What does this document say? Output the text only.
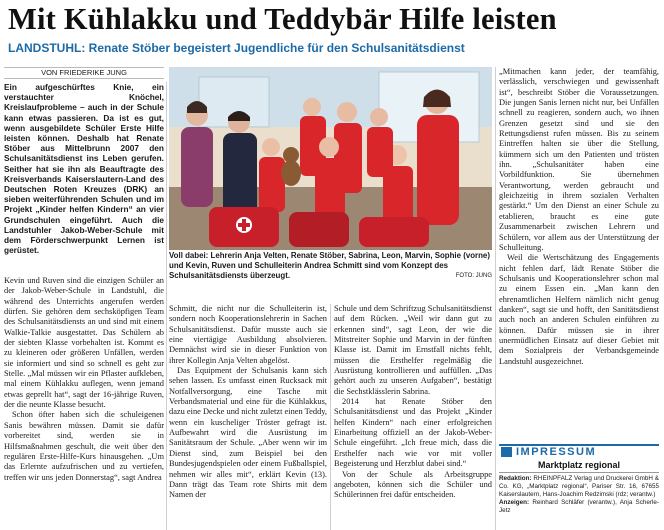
Mit Kühlakku und Teddybär Hilfe leisten
LANDSTUHL: Renate Stöber begeistert Jugendliche für den Schulsanitätsdienst
VON FRIEDERIKE JUNG

Ein aufgeschürftes Knie, ein verstauchter Knöchel, Kreislaufprobleme – auch in der Schule kann etwas passieren. Da ist es gut, wenn ausgebildete Schüler Erste Hilfe leisten können. Deshalb hat Renate Stöber aus Mittelbrunn 2007 den Schulsanitätsdienst ins Leben gerufen. Seither hat sie ihn als Beauftragte des Kreisverbands Kaiserslautern-Land des Deutschen Roten Kreuzes (DRK) an sieben weiterführenden Schulen und im Projekt „Kinder helfen Kindern“ an vier Grundschulen eingeführt. Auch die Landstuhler Jakob-Weber-Schule mit dem Förderschwerpunkt Lernen ist gerüstet.

Kevin und Ruven sind die einzigen Schüler an der Jakob-Weber-Schule in Landstuhl, die während des Unterrichts angerufen werden dürfen. Sie gehören dem sechsköpfigen Team des Schulsanitätsdiensts an und sind mit einem Walkie-Talkie ausgestattet. Das Schülern ab der siebten Klasse vorbehalten ist. Kommt es zu kleineren oder größeren Unfällen, werden sie informiert und sind so schnell es geht zur Stelle. „Mal müssen wir ein Pflaster aufkleben, mal einem Kühlakku auflegen, wenn jemand etwas geprellt hat“, sagt der 16-jährige Ruven, der die neunte Klasse besucht.

Schon öfter haben sich die schuleigenen Sanis bewähren müssen. Damit sie dafür vorbereitet sind, werden sie in Hilfsmaßnahmen geschult, die weit über den regulären Erste-Hilfe-Kurs hinausgehen. „Um das Erlernte aufzufrischen und zu vertiefen, treffen wir uns jeden Donnerstag“, sagt Andrea

Voll dabei: Lehrerin Anja Velten, Renate Stöber, Sabrina, Leon, Marvin, Sophie (vorne) und Kevin, Ruven und Schulleiterin Andrea Schmitt sind vom Konzept des Schulsanitätsdiensts überzeugt.	FOTO: JUNG

Schmitt, die nicht nur die Schulleiterin ist, sondern noch Kooperationslehrerin in Sachen Schulsanitätsdienst. Dafür musste auch sie eine viertägige Ausbildung absolvieren. Demnächst wird sie in dieser Funktion von ihrer Kollegin Anja Velten abgelöst.

Das Equipment der Schulsanis kann sich sehen lassen. Es umfasst einen Rucksack mit Notfallversorgung, eine Tasche mit Verbandsmaterial und eine für die Kühlakkus, dazu eine Decke und nicht zuletzt einen Teddy, wenn ein kuscheliger Tröster gefragt ist. Aufbewahrt wird die Ausrüstung im Sanitätsraum der Schule. „Aber wenn wir im Dienst sind, zum Beispiel bei den Bundesjugendspielen oder einem Fußballspiel, nehmen wir alles mit“, erklärt Kevin (13). Dann trägt das Team rote Shirts mit dem Namen der

Schule und dem Schriftzug Schulsanitätsdienst auf dem Rücken. „Weil wir dann gut zu erkennen sind“, sagt Leon, der wie die Mitstreiter Sophie und Marvin in der fünften Klasse ist. Damit im Ernstfall nichts fehlt, müssen die Ersthelfer regelmäßig die Ausrüstung kontrollieren und auffüllen. „Das gehört auch zu unseren Aufgaben“, bestätigt die Sechstklässlerin Sabrina.

2014 hat Renate Stöber den Schulsanitätsdienst und das Projekt „Kinder helfen Kindern“ nach einer erfolgreichen Einarbeitung offiziell an der Jakob-Weber-Schule eingeführt. „Ich freue mich, dass die Ersthelfer nach wie vor mit voller Begeisterung und Herzblut dabei sind.“

Von der Schule als Arbeitsgruppe angeboten, können sich die Schüler und Schülerinnen frei dafür entscheiden.

„Mitmachen kann jeder, der teamfähig, verlässlich, verschwiegen und gewissenhaft ist“, beschreibt Stöber die Voraussetzungen. Die jungen Sanis lernen nicht nur, bei Unfällen schnell zu reagieren, sondern auch, wo ihnen Grenzen gesetzt sind und sie den Rettungsdienst rufen müssen. Bis zu seinem Eintreffen halten sie über die Stellung, kümmern sich um den Patienten und trösten ihn. „Schulsanitäter haben eine Vorbildfunktion. Sie übernehmen Verantwortung, werden gebraucht und gleichzeitig in ihrem sozialen Verhalten gestärkt.“ Um den Dienst an einer Schule zu etablieren, braucht es eine gute Zusammenarbeit zwischen Lehrern und Schülern, vor allem aus der Unterstützung der Schulleitung.

Weil die Wertschätzung des Engagements nicht fehlen darf, lädt Renate Stöber die Schulsanis und Kooperationslehrer schon mal zu einem Essen ein. „Man kann den ehrenamtlichen Helfern nämlich nicht genug danken“, sagt sie und hofft, den Sanitätsdienst auch noch an anderen Schulen einführen zu können. Dafür müssen sie in ihrer unermüdlichen Einsatz auf dieser Gebiet mit dem Sozialpreis der Verbandsgemeinde Landstuhl ausgezeichnet.

IMPRESSUM
Marktplatz regional

Redaktion: RHEINPFALZ Verlag und Druckerei GmbH & Co. KG, „Marktplatz regional“, Pariser Str. 16, 67655 Kaiserslautern, Hans-Joachim Redzimski (rdz; verantw.)

Anzeigen: Reinhard Schläfer (verantw.), Anja Scherle-Jetz
